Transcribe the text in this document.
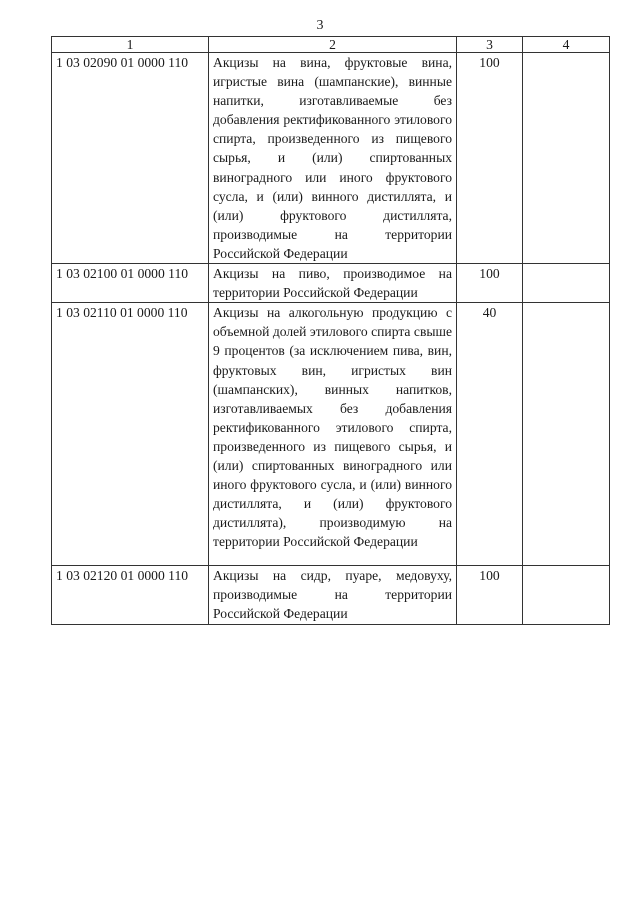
3
1	2	3	4
1 03 02090 01 0000 110	Акцизы на вина, фруктовые вина, игристые вина (шампанские), винные напитки, изготавливаемые без добавления ректификованного этилового спирта, произведенного из пищевого сырья, и (или) спиртованных виноградного или иного фруктового сусла, и (или) винного дистиллята, и (или) фруктового дистиллята, производимые на территории Российской Федерации	100	
1 03 02100 01 0000 110	Акцизы на пиво, производимое на территории Российской Федерации	100	
1 03 02110 01 0000 110	Акцизы на алкогольную продукцию с объемной долей этилового спирта свыше 9 процентов (за исключением пива, вин, фруктовых вин, игристых вин (шампанских), винных напитков, изготавливаемых без добавления ректификованного этилового спирта, произведенного из пищевого сырья, и (или) спиртованных виноградного или иного фруктового сусла, и (или) винного дистиллята, и (или) фруктового дистиллята), производимую на территории Российской Федерации	40	
1 03 02120 01 0000 110	Акцизы на сидр, пуаре, медовуху, производимые на территории Российской Федерации	100	
